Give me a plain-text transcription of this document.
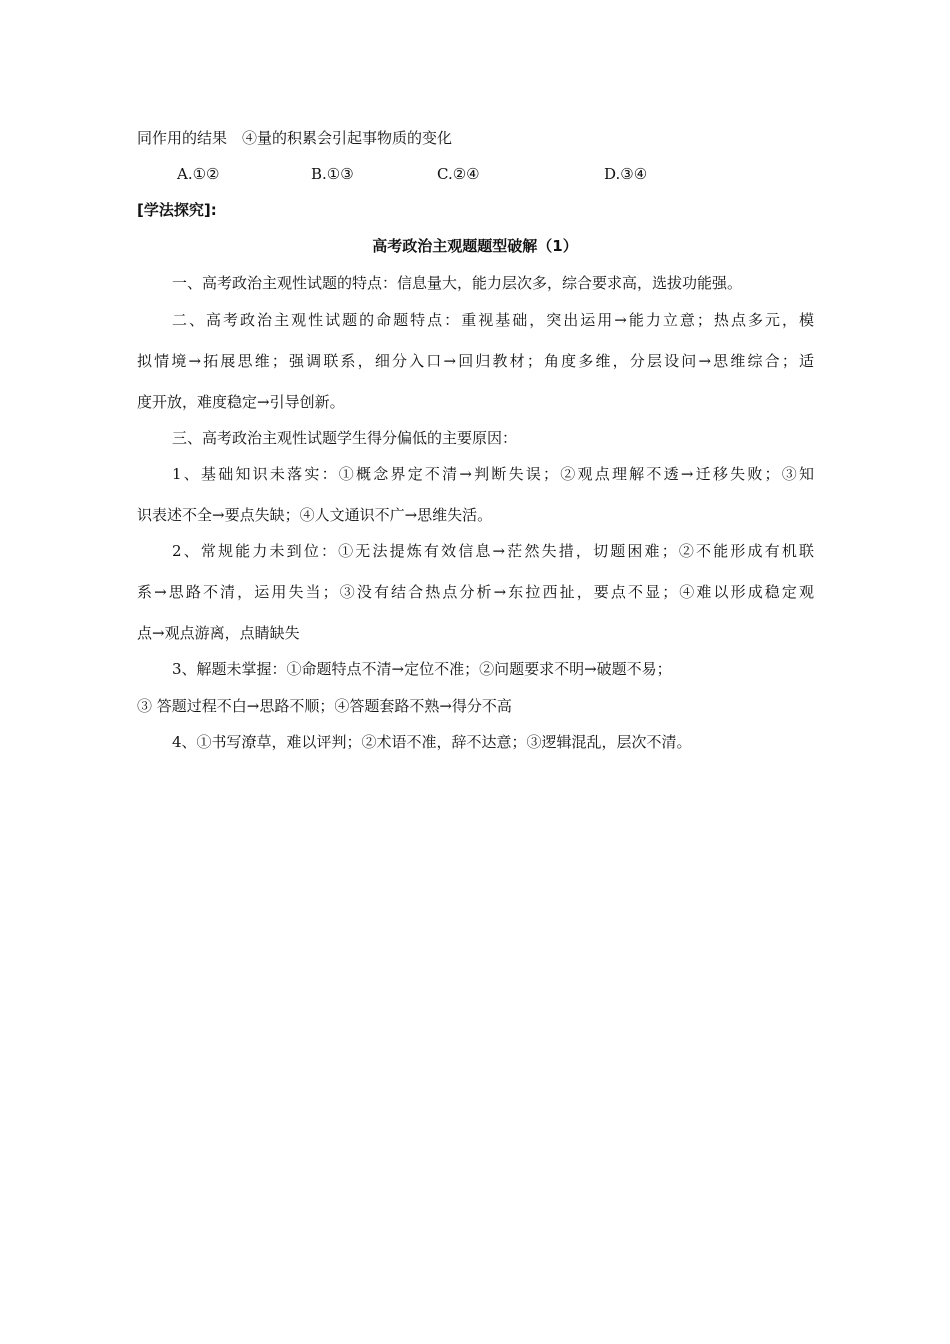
同作用的结果　④量的积累会引起事物质的变化
A.①②	B.①③	C.②④	D.③④
[学法探究]:
高考政治主观题题型破解（1）
一、高考政治主观性试题的特点：信息量大，能力层次多，综合要求高，选拔功能强。
二、高考政治主观性试题的命题特点：重视基础，突出运用→能力立意；热点多元，模
拟情境→拓展思维；强调联系，细分入口→回归教材；角度多维，分层设问→思维综合；适
度开放，难度稳定→引导创新。
三、高考政治主观性试题学生得分偏低的主要原因：
1、基础知识未落实：①概念界定不清→判断失误；②观点理解不透→迁移失败；③知
识表述不全→要点失缺；④人文通识不广→思维失活。
2、常规能力未到位：①无法提炼有效信息→茫然失措，切题困难；②不能形成有机联
系→思路不清，运用失当；③没有结合热点分析→东拉西扯，要点不显；④难以形成稳定观
点→观点游离，点睛缺失
3、解题未掌握：①命题特点不清→定位不准；②问题要求不明→破题不易；
③ 答题过程不白→思路不顺；④答题套路不熟→得分不高
4、①书写潦草，难以评判；②术语不准，辞不达意；③逻辑混乱，层次不清。
